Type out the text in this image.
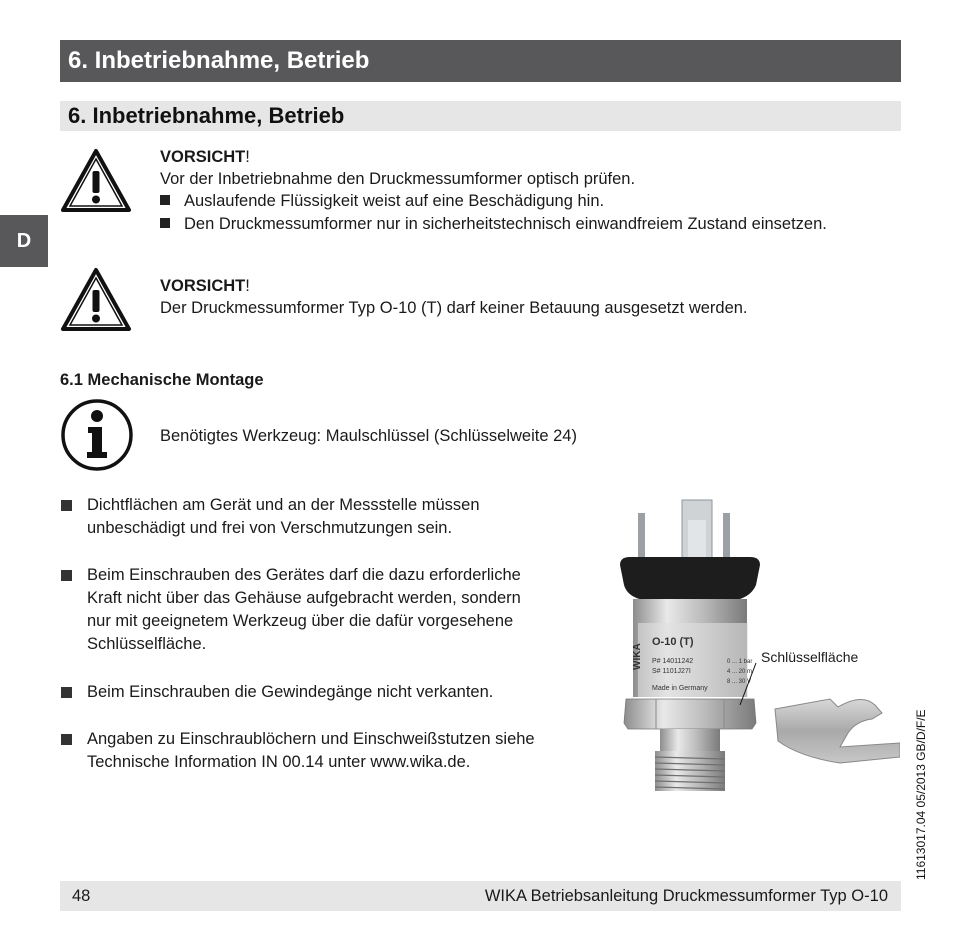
6. Inbetriebnahme, Betrieb
6. Inbetriebnahme, Betrieb
D
VORSICHT!
Vor der Inbetriebnahme den Druckmessumformer optisch prüfen.
Auslaufende Flüssigkeit weist auf eine Beschädigung hin.
Den Druckmessumformer nur in sicherheitstechnisch einwandfreiem Zustand einsetzen.
VORSICHT!
Der Druckmessumformer Typ O-10 (T) darf keiner Betauung ausgesetzt werden.
6.1 Mechanische Montage
Benötigtes Werkzeug: Maulschlüssel (Schlüsselweite 24)
Dichtflächen am Gerät und an der Messstelle müssen
unbeschädigt und frei von Verschmutzungen sein.
Beim Einschrauben des Gerätes darf die dazu erforderliche
Kraft nicht über das Gehäuse aufgebracht werden, sondern
nur mit geeignetem Werkzeug über die dafür vorgesehene
Schlüsselfläche.
Beim Einschrauben die Gewindegänge nicht verkanten.
Angaben zu Einschraublöchern und Einschweißstutzen siehe
Technische Information IN 00.14 unter www.wika.de.
WIKA
O-10 (T)
P# 14011242
S# 1101J27I
Made in Germany
0 ... 1 bar
4 ... 20 m
8 ... 30 V
Schlüsselfläche
48	WIKA Betriebsanleitung Druckmessumformer Typ O-10
11613017.04 05/2013 GB/D/F/E
